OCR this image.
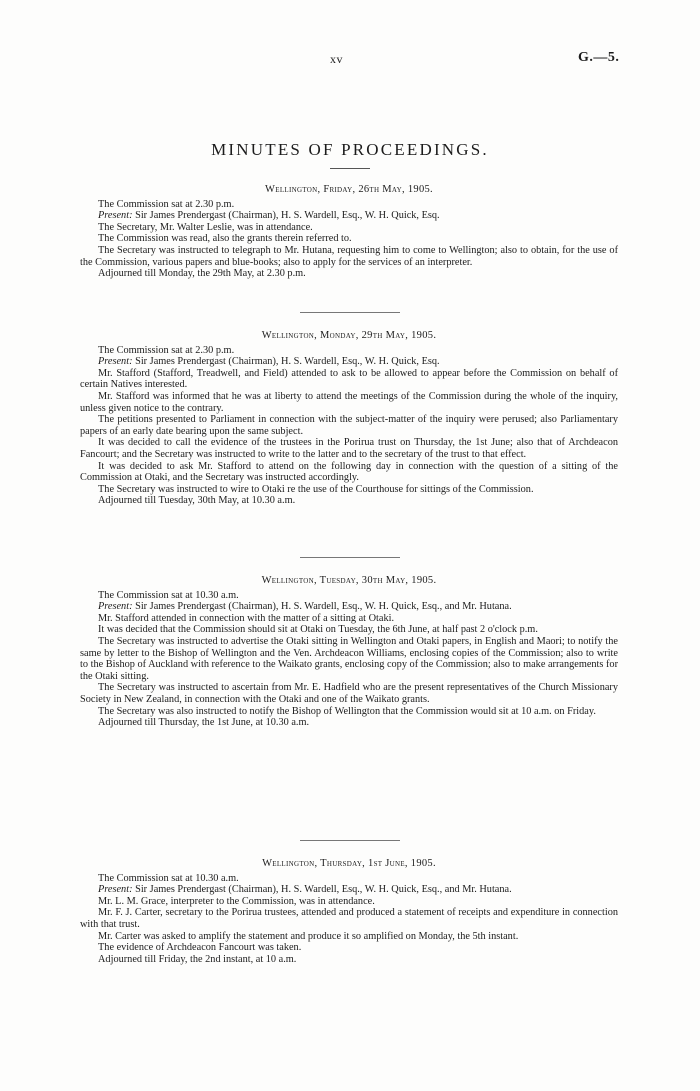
xv	G.—5.
MINUTES OF PROCEEDINGS.
Wellington, Friday, 26th May, 1905.

The Commission sat at 2.30 p.m.

Present: Sir James Prendergast (Chairman), H. S. Wardell, Esq., W. H. Quick, Esq.

The Secretary, Mr. Walter Leslie, was in attendance.

The Commission was read, also the grants therein referred to.

The Secretary was instructed to telegraph to Mr. Hutana, requesting him to come to Wellington; also to obtain, for the use of the Commission, various papers and blue-books; also to apply for the services of an interpreter.

Adjourned till Monday, the 29th May, at 2.30 p.m.

Wellington, Monday, 29th May, 1905.

The Commission sat at 2.30 p.m.

Present: Sir James Prendergast (Chairman), H. S. Wardell, Esq., W. H. Quick, Esq.

Mr. Stafford (Stafford, Treadwell, and Field) attended to ask to be allowed to appear before the Commission on behalf of certain Natives interested.

Mr. Stafford was informed that he was at liberty to attend the meetings of the Commission during the whole of the inquiry, unless given notice to the contrary.

The petitions presented to Parliament in connection with the subject-matter of the inquiry were perused; also Parliamentary papers of an early date bearing upon the same subject.

It was decided to call the evidence of the trustees in the Porirua trust on Thursday, the 1st June; also that of Archdeacon Fancourt; and the Secretary was instructed to write to the latter and to the secretary of the trust to that effect.

It was decided to ask Mr. Stafford to attend on the following day in connection with the question of a sitting of the Commission at Otaki, and the Secretary was instructed accordingly.

The Secretary was instructed to wire to Otaki re the use of the Courthouse for sittings of the Commission.

Adjourned till Tuesday, 30th May, at 10.30 a.m.

Wellington, Tuesday, 30th May, 1905.

The Commission sat at 10.30 a.m.

Present: Sir James Prendergast (Chairman), H. S. Wardell, Esq., W. H. Quick, Esq., and Mr. Hutana.

Mr. Stafford attended in connection with the matter of a sitting at Otaki.

It was decided that the Commission should sit at Otaki on Tuesday, the 6th June, at half past 2 o'clock p.m.

The Secretary was instructed to advertise the Otaki sitting in Wellington and Otaki papers, in English and Maori; to notify the same by letter to the Bishop of Wellington and the Ven. Archdeacon Williams, enclosing copies of the Commission; also to write to the Bishop of Auckland with reference to the Waikato grants, enclosing copy of the Commission; also to make arrangements for the Otaki sitting.

The Secretary was instructed to ascertain from Mr. E. Hadfield who are the present representatives of the Church Missionary Society in New Zealand, in connection with the Otaki and one of the Waikato grants.

The Secretary was also instructed to notify the Bishop of Wellington that the Commission would sit at 10 a.m. on Friday.

Adjourned till Thursday, the 1st June, at 10.30 a.m.

Wellington, Thursday, 1st June, 1905.

The Commission sat at 10.30 a.m.

Present: Sir James Prendergast (Chairman), H. S. Wardell, Esq., W. H. Quick, Esq., and Mr. Hutana.

Mr. L. M. Grace, interpreter to the Commission, was in attendance.

Mr. F. J. Carter, secretary to the Porirua trustees, attended and produced a statement of receipts and expenditure in connection with that trust.

Mr. Carter was asked to amplify the statement and produce it so amplified on Monday, the 5th instant.

The evidence of Archdeacon Fancourt was taken.

Adjourned till Friday, the 2nd instant, at 10 a.m.
